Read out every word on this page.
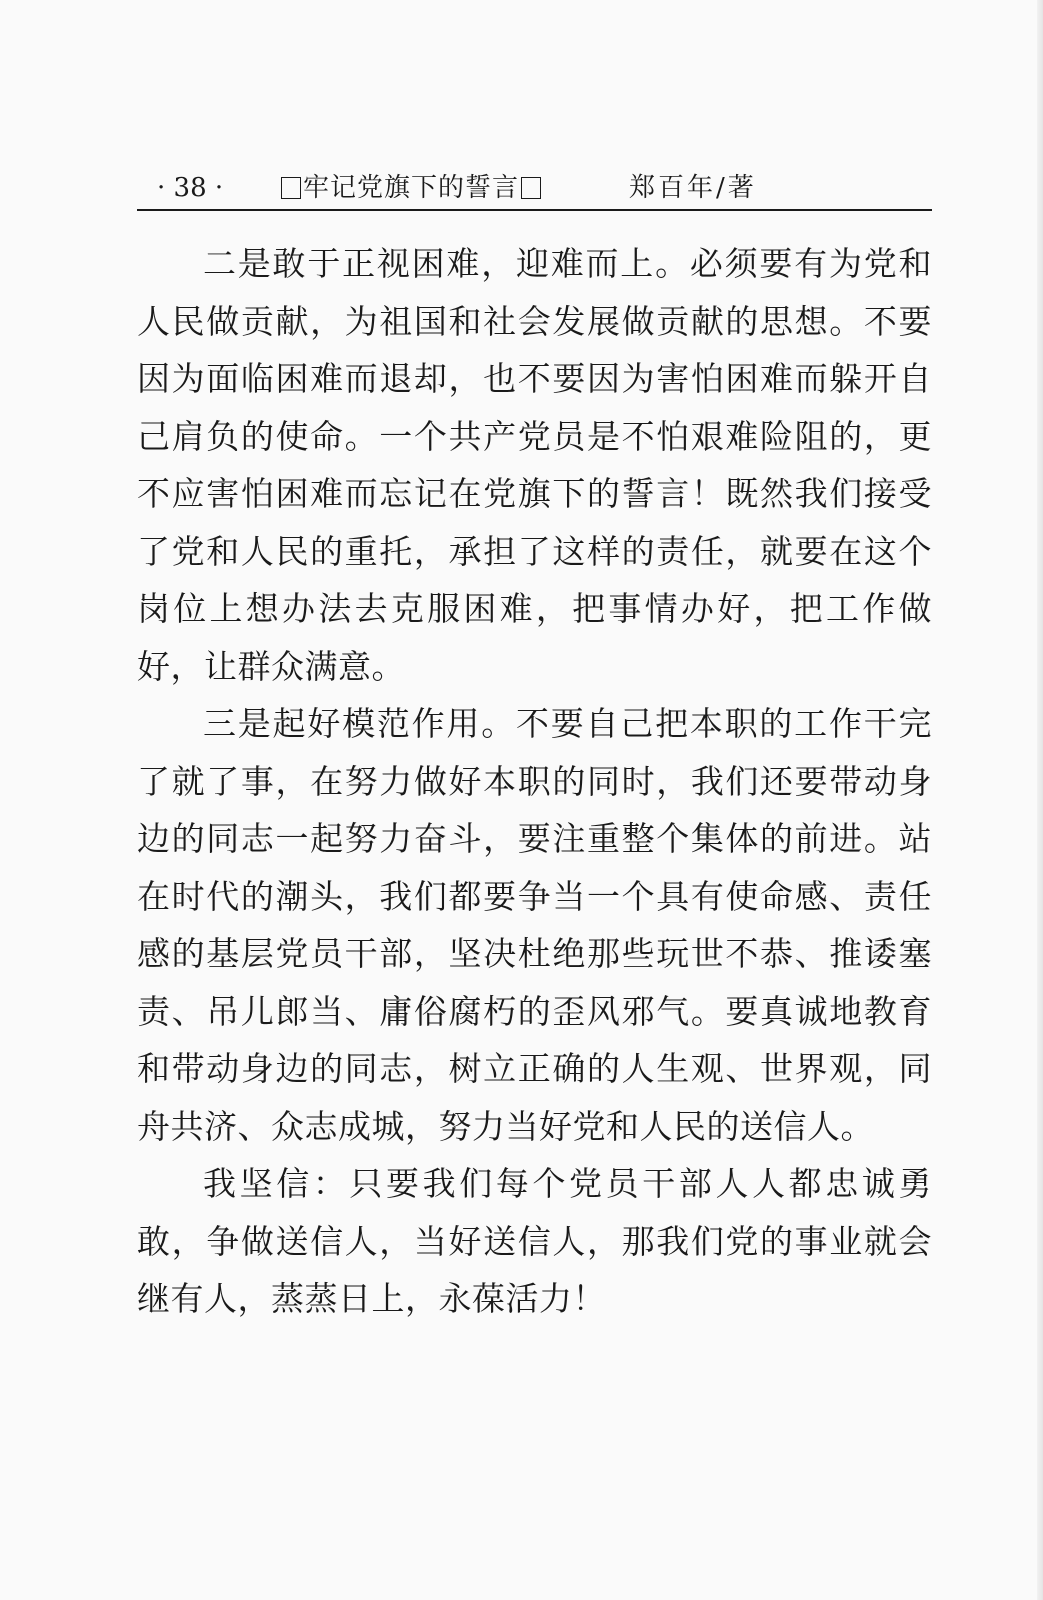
· 38 ·	牢记党旗下的誓言	郑百年/著

二是敢于正视困难，迎难而上。必须要有为党和人民做贡献，为祖国和社会发展做贡献的思想。不要因为面临困难而退却，也不要因为害怕困难而躲开自己肩负的使命。一个共产党员是不怕艰难险阻的，更不应害怕困难而忘记在党旗下的誓言！既然我们接受了党和人民的重托，承担了这样的责任，就要在这个岗位上想办法去克服困难，把事情办好，把工作做好，让群众满意。

三是起好模范作用。不要自己把本职的工作干完了就了事，在努力做好本职的同时，我们还要带动身边的同志一起努力奋斗，要注重整个集体的前进。站在时代的潮头，我们都要争当一个具有使命感、责任感的基层党员干部，坚决杜绝那些玩世不恭、推诿塞责、吊儿郎当、庸俗腐朽的歪风邪气。要真诚地教育和带动身边的同志，树立正确的人生观、世界观，同舟共济、众志成城，努力当好党和人民的送信人。

我坚信：只要我们每个党员干部人人都忠诚勇敢，争做送信人，当好送信人，那我们党的事业就会继有人，蒸蒸日上，永葆活力！
